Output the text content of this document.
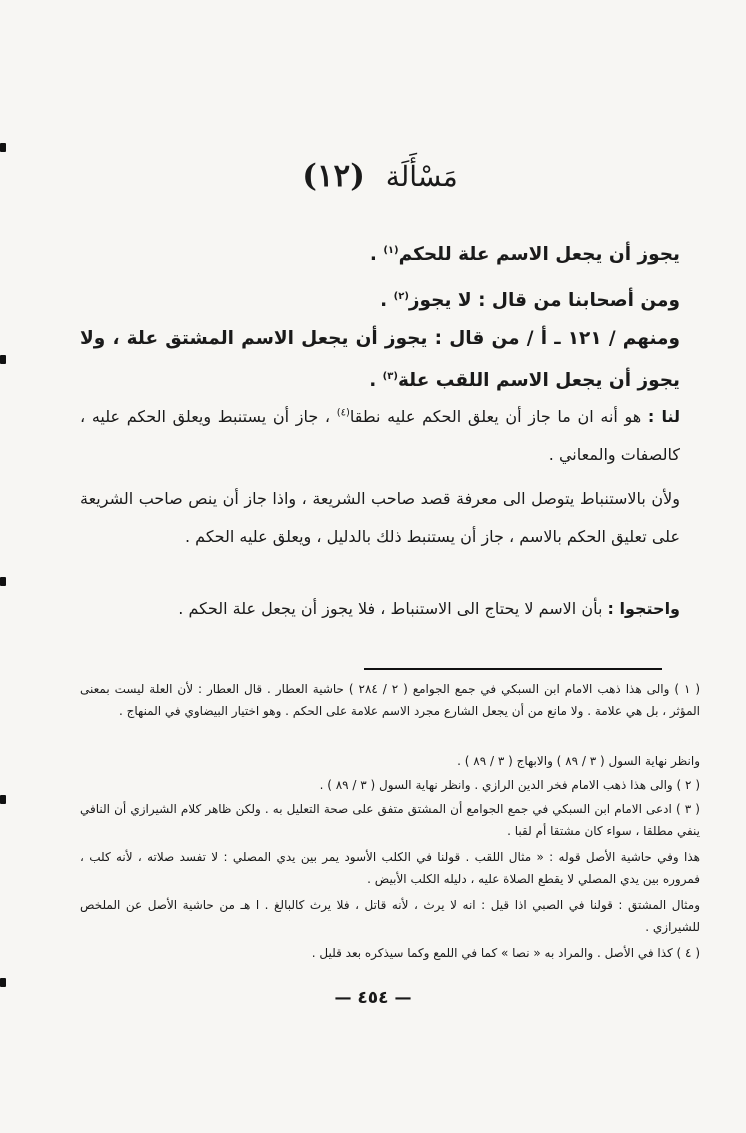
مَسْأَلَة (١٢)
يجوز أن يجعل الاسم علة للحكم$^{(١)}$ .
ومن أصحابنا من قال : لا يجوز$^{(٢)}$ .
ومنهم / ١٢١ ـ أ / من قال : يجوز أن يجعل الاسم المشتق علة ، ولا يجوز أن يجعل الاسم اللقب علة$^{(٣)}$ .
لنا : هو أنه ان ما جاز أن يعلق الحكم عليه نطقا$^{(٤)}$ ، جاز أن يستنبط ويعلق الحكم عليه ، كالصفات والمعاني .
ولأن بالاستنباط يتوصل الى معرفة قصد صاحب الشريعة ، واذا جاز أن ينص صاحب الشريعة على تعليق الحكم بالاسم ، جاز أن يستنبط ذلك بالدليل ، ويعلق عليه الحكم .
واحتجوا : بأن الاسم لا يحتاج الى الاستنباط ، فلا يجوز أن يجعل علة الحكم .
( ١ ) والى هذا ذهب الامام ابن السبكي في جمع الجوامع ( ٢ / ٢٨٤ ) حاشية العطار . قال العطار : لأن العلة ليست بمعنى المؤثر ، بل هي علامة . ولا مانع من أن يجعل الشارع مجرد الاسم علامة على الحكم . وهو اختيار البيضاوي في المنهاج .
وانظر نهاية السول ( ٣ / ٨٩ ) والابهاج ( ٣ / ٨٩ ) .
( ٢ ) والى هذا ذهب الامام فخر الدين الرازي . وانظر نهاية السول ( ٣ / ٨٩ ) .
( ٣ ) ادعى الامام ابن السبكي في جمع الجوامع أن المشتق متفق على صحة التعليل به . ولكن ظاهر كلام الشيرازي أن النافي ينفي مطلقا ، سواء كان مشتقا أم لقبا .
هذا وفي حاشية الأصل قوله : « مثال اللقب . قولنا في الكلب الأسود يمر بين يدي المصلي : لا تفسد صلاته ، لأنه كلب ، فمروره بين يدي المصلي لا يقطع الصلاة عليه ، دليله الكلب الأبيض .
ومثال المشتق : قولنا في الصبي اذا قيل : انه لا يرث ، لأنه قاتل ، فلا يرث كالبالغ . ا هـ من حاشية الأصل عن الملخص للشيرازي .
( ٤ ) كذا في الأصل . والمراد به « نصا » كما في اللمع وكما سيذكره بعد قليل .
— ٤٥٤ —
